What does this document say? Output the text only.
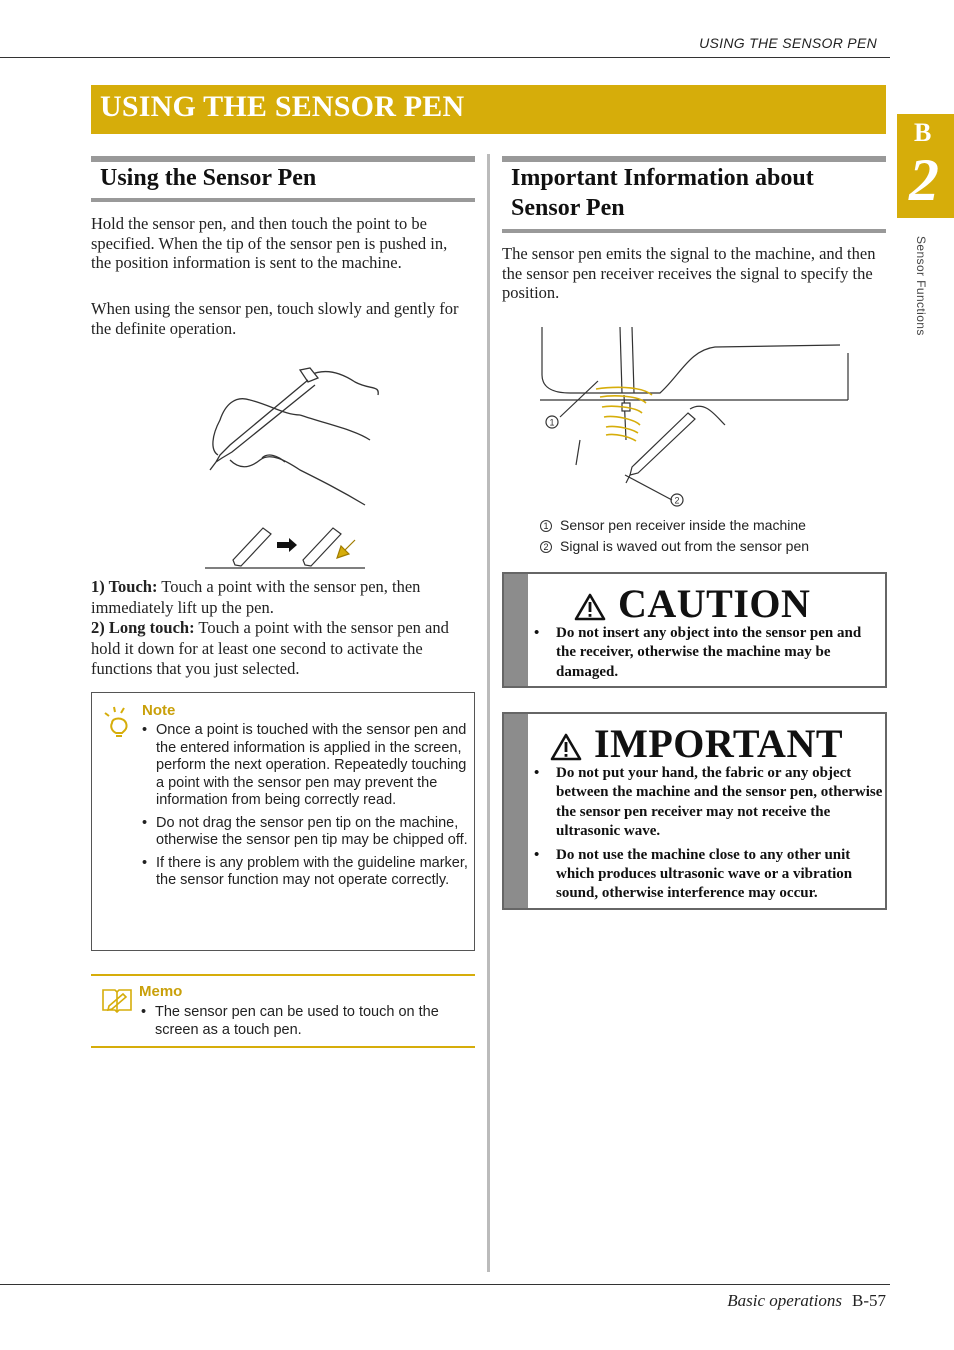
USING THE SENSOR PEN
USING THE SENSOR PEN
B
2
Sensor Functions
Using the Sensor Pen
Hold the sensor pen, and then touch the point to be specified. When the tip of the sensor pen is pushed in, the position information is sent to the machine.
When using the sensor pen, touch slowly and gently for the definite operation.
1) Touch: Touch a point with the sensor pen, then immediately lift up the pen.
2) Long touch: Touch a point with the sensor pen and hold it down for at least one second to activate the functions that you just selected.
Note
• Once a point is touched with the sensor pen and the entered information is applied in the screen, perform the next operation. Repeatedly touching a point with the sensor pen may prevent the information from being correctly read.
• Do not drag the sensor pen tip on the machine, otherwise the sensor pen tip may be chipped off.
• If there is any problem with the guideline marker, the sensor function may not operate correctly.
Memo
• The sensor pen can be used to touch on the screen as a touch pen.
Important Information about
Sensor Pen
The sensor pen emits the signal to the machine, and then the sensor pen receiver receives the signal to specify the position.
1
2
1 Sensor pen receiver inside the machine
2 Signal is waved out from the sensor pen
CAUTION
• Do not insert any object into the sensor pen and the receiver, otherwise the machine may be damaged.
IMPORTANT
• Do not put your hand, the fabric or any object between the machine and the sensor pen, otherwise the sensor pen receiver may not receive the ultrasonic wave.
• Do not use the machine close to any other unit which produces ultrasonic wave or a vibration sound, otherwise interference may occur.
Basic operations B-57
